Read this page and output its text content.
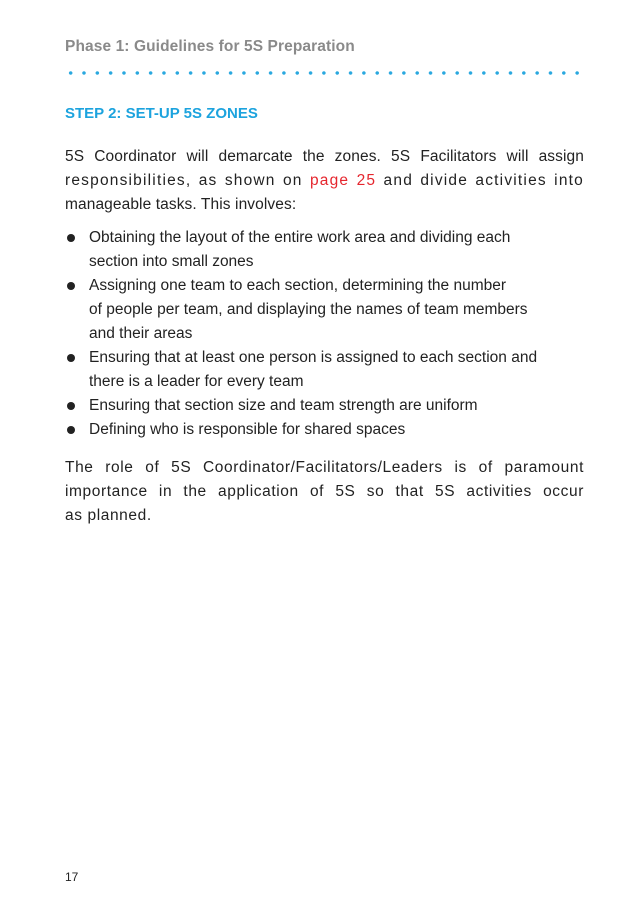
Phase 1: Guidelines for 5S Preparation
STEP 2: SET-UP 5S ZONES
5S Coordinator will demarcate the zones. 5S Facilitators will assign
responsibilities, as shown on page 25 and divide activities into
manageable tasks. This involves:
Obtaining the layout of the entire work area and dividing each
section into small zones
Assigning one team to each section, determining the number
of people per team, and displaying the names of team members
and their areas
Ensuring that at least one person is assigned to each section and
there is a leader for every team
Ensuring that section size and team strength are uniform
Defining who is responsible for shared spaces
The role of 5S Coordinator/Facilitators/Leaders is of paramount
importance in the application of 5S so that 5S activities occur
as planned.
17
